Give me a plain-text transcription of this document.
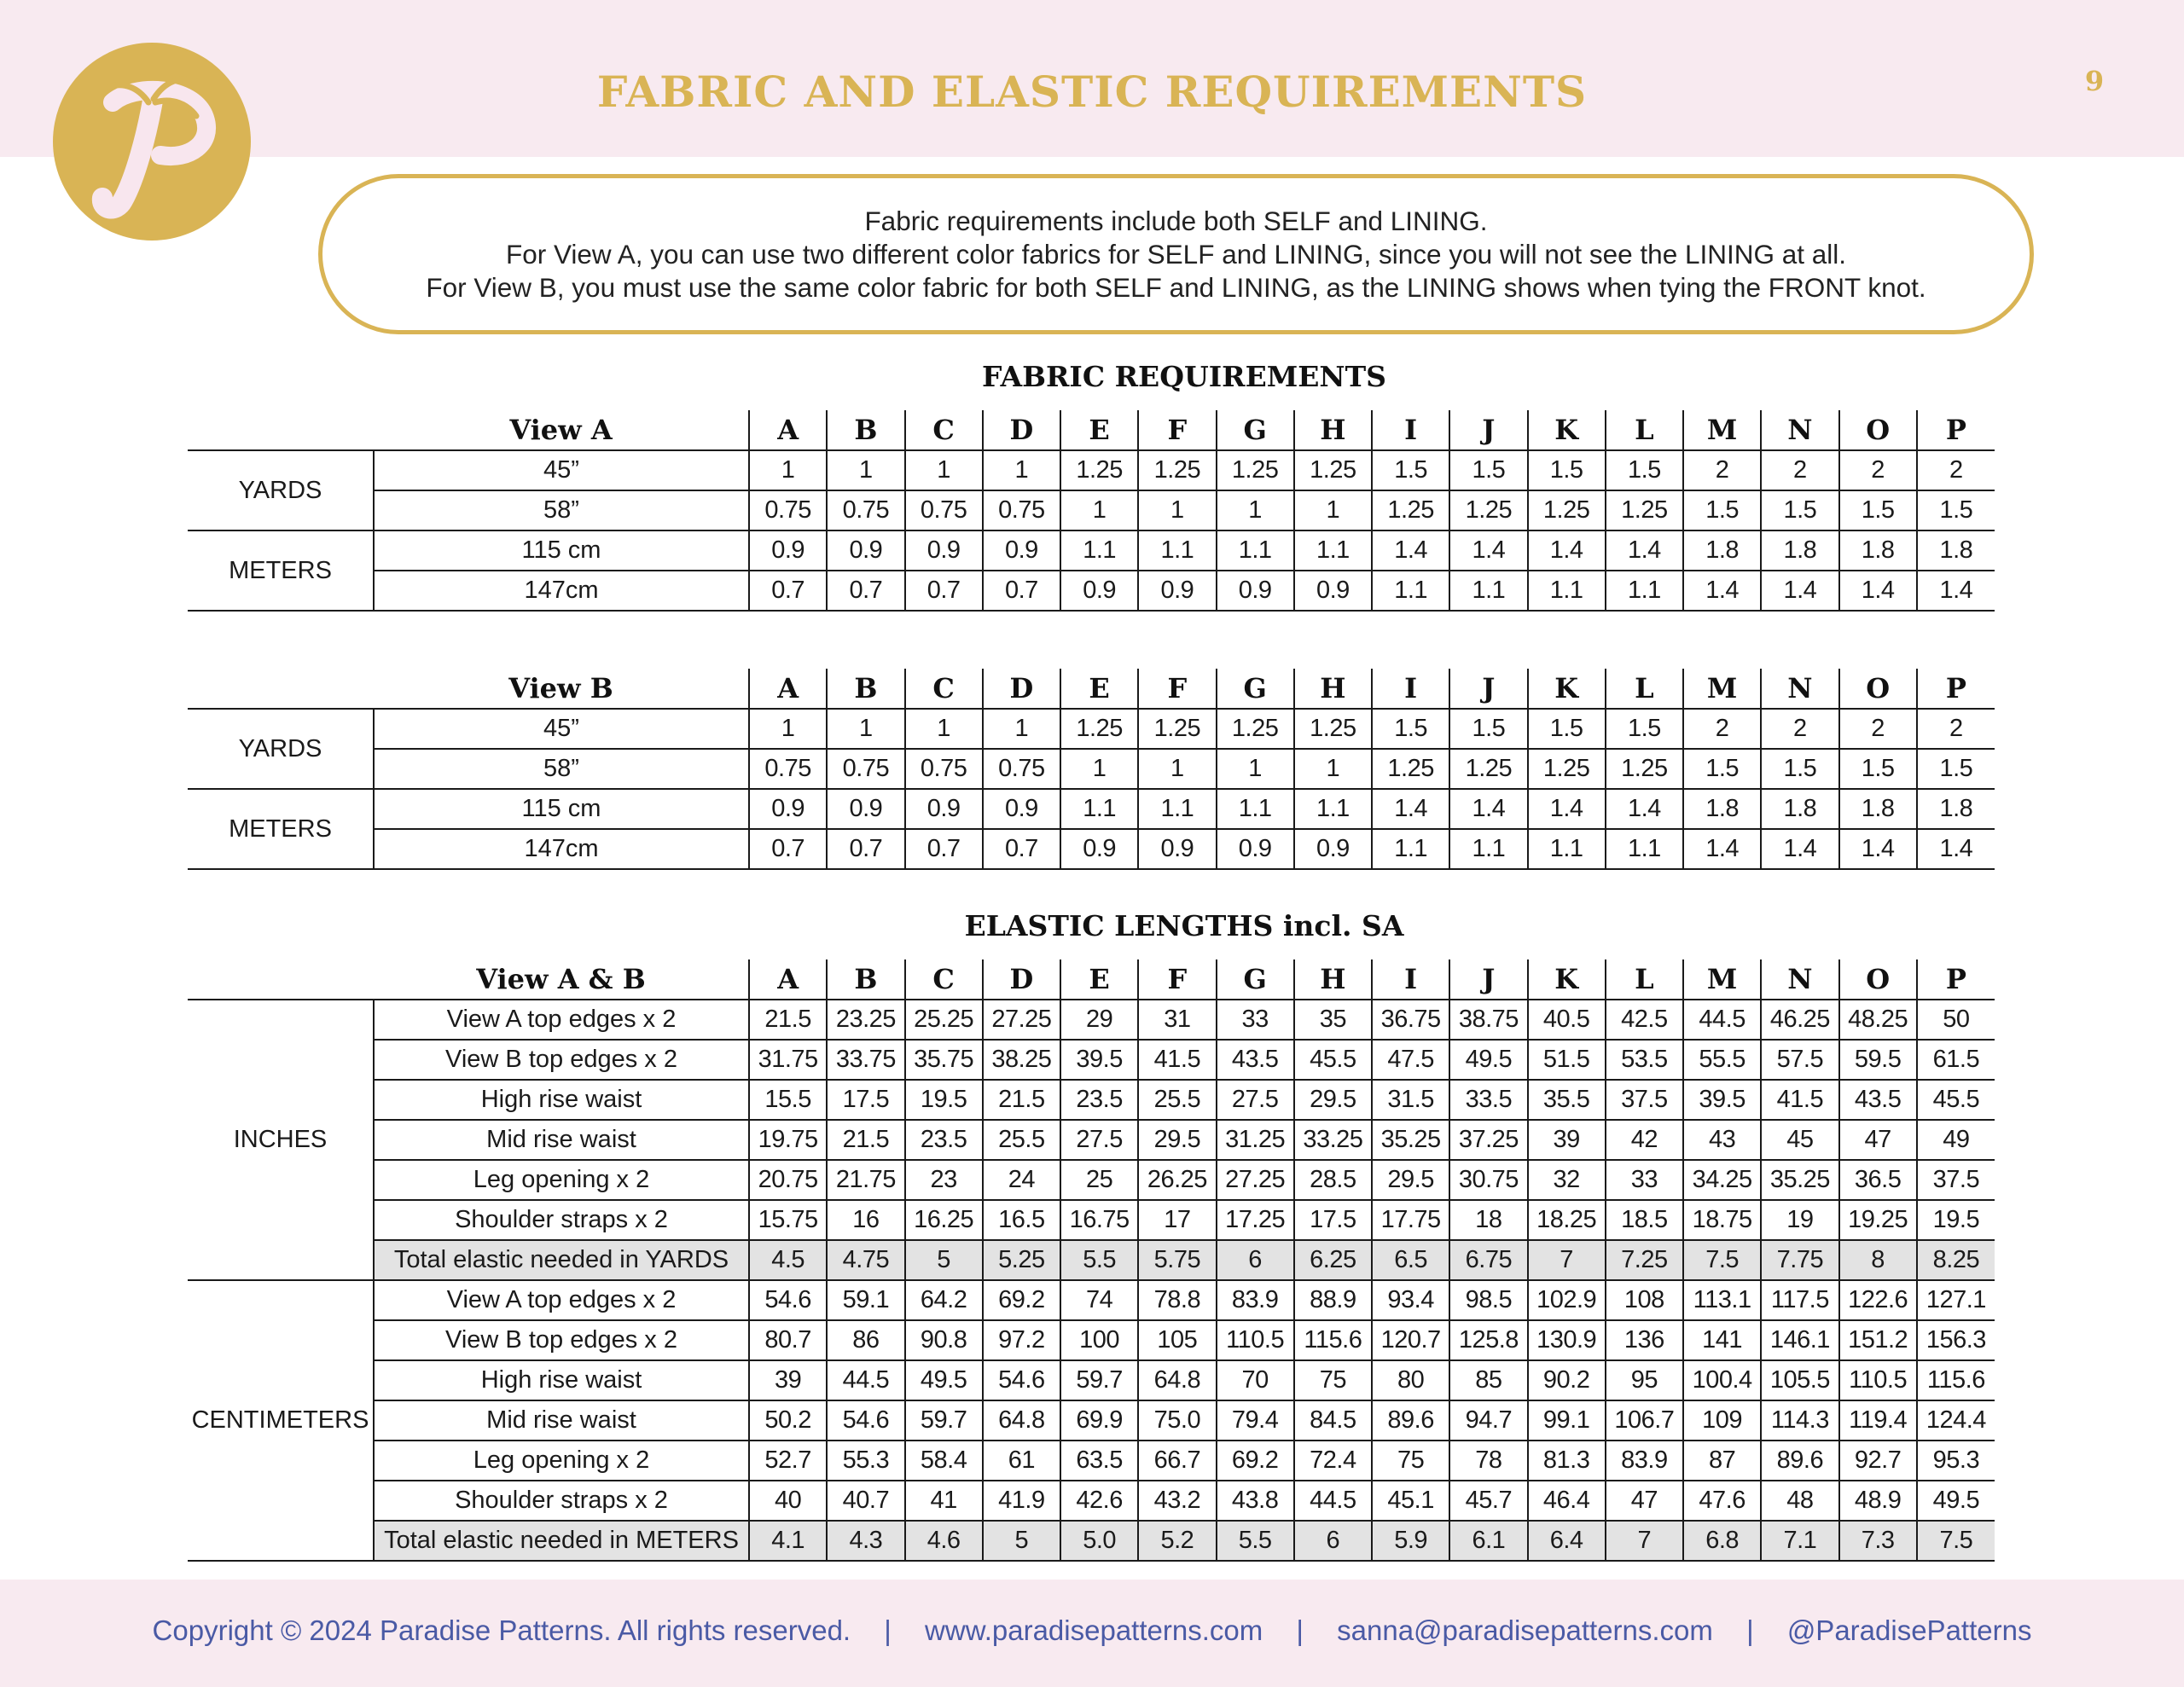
FABRIC AND ELASTIC REQUIREMENTS	9
Fabric requirements include both SELF and LINING.
For View A, you can use two different color fabrics for SELF and LINING, since you will not see the LINING at all.
For View B, you must use the same color fabric for both SELF and LINING, as the LINING shows when tying the FRONT knot.
FABRIC REQUIREMENTS
	View A	A	B	C	D	E	F	G	H	I	J	K	L	M	N	O	P
YARDS	45”	1	1	1	1	1.25	1.25	1.25	1.25	1.5	1.5	1.5	1.5	2	2	2	2
	58”	0.75	0.75	0.75	0.75	1	1	1	1	1.25	1.25	1.25	1.25	1.5	1.5	1.5	1.5
METERS	115 cm	0.9	0.9	0.9	0.9	1.1	1.1	1.1	1.1	1.4	1.4	1.4	1.4	1.8	1.8	1.8	1.8
	147cm	0.7	0.7	0.7	0.7	0.9	0.9	0.9	0.9	1.1	1.1	1.1	1.1	1.4	1.4	1.4	1.4
	View B	A	B	C	D	E	F	G	H	I	J	K	L	M	N	O	P
YARDS	45”	1	1	1	1	1.25	1.25	1.25	1.25	1.5	1.5	1.5	1.5	2	2	2	2
	58”	0.75	0.75	0.75	0.75	1	1	1	1	1.25	1.25	1.25	1.25	1.5	1.5	1.5	1.5
METERS	115 cm	0.9	0.9	0.9	0.9	1.1	1.1	1.1	1.1	1.4	1.4	1.4	1.4	1.8	1.8	1.8	1.8
	147cm	0.7	0.7	0.7	0.7	0.9	0.9	0.9	0.9	1.1	1.1	1.1	1.1	1.4	1.4	1.4	1.4
ELASTIC LENGTHS incl. SA
	View A & B	A	B	C	D	E	F	G	H	I	J	K	L	M	N	O	P
INCHES	View A top edges x 2	21.5	23.25	25.25	27.25	29	31	33	35	36.75	38.75	40.5	42.5	44.5	46.25	48.25	50
	View B top edges x 2	31.75	33.75	35.75	38.25	39.5	41.5	43.5	45.5	47.5	49.5	51.5	53.5	55.5	57.5	59.5	61.5
	High rise waist	15.5	17.5	19.5	21.5	23.5	25.5	27.5	29.5	31.5	33.5	35.5	37.5	39.5	41.5	43.5	45.5
	Mid rise waist	19.75	21.5	23.5	25.5	27.5	29.5	31.25	33.25	35.25	37.25	39	42	43	45	47	49
	Leg opening x 2	20.75	21.75	23	24	25	26.25	27.25	28.5	29.5	30.75	32	33	34.25	35.25	36.5	37.5
	Shoulder straps x 2	15.75	16	16.25	16.5	16.75	17	17.25	17.5	17.75	18	18.25	18.5	18.75	19	19.25	19.5
	Total elastic needed in YARDS	4.5	4.75	5	5.25	5.5	5.75	6	6.25	6.5	6.75	7	7.25	7.5	7.75	8	8.25
CENTIMETERS	View A top edges x 2	54.6	59.1	64.2	69.2	74	78.8	83.9	88.9	93.4	98.5	102.9	108	113.1	117.5	122.6	127.1
	View B top edges x 2	80.7	86	90.8	97.2	100	105	110.5	115.6	120.7	125.8	130.9	136	141	146.1	151.2	156.3
	High rise waist	39	44.5	49.5	54.6	59.7	64.8	70	75	80	85	90.2	95	100.4	105.5	110.5	115.6
	Mid rise waist	50.2	54.6	59.7	64.8	69.9	75.0	79.4	84.5	89.6	94.7	99.1	106.7	109	114.3	119.4	124.4
	Leg opening x 2	52.7	55.3	58.4	61	63.5	66.7	69.2	72.4	75	78	81.3	83.9	87	89.6	92.7	95.3
	Shoulder straps x 2	40	40.7	41	41.9	42.6	43.2	43.8	44.5	45.1	45.7	46.4	47	47.6	48	48.9	49.5
	Total elastic needed in METERS	4.1	4.3	4.6	5	5.0	5.2	5.5	6	5.9	6.1	6.4	7	6.8	7.1	7.3	7.5
Copyright © 2024 Paradise Patterns. All rights reserved. | www.paradisepatterns.com | sanna@paradisepatterns.com | @ParadisePatterns
